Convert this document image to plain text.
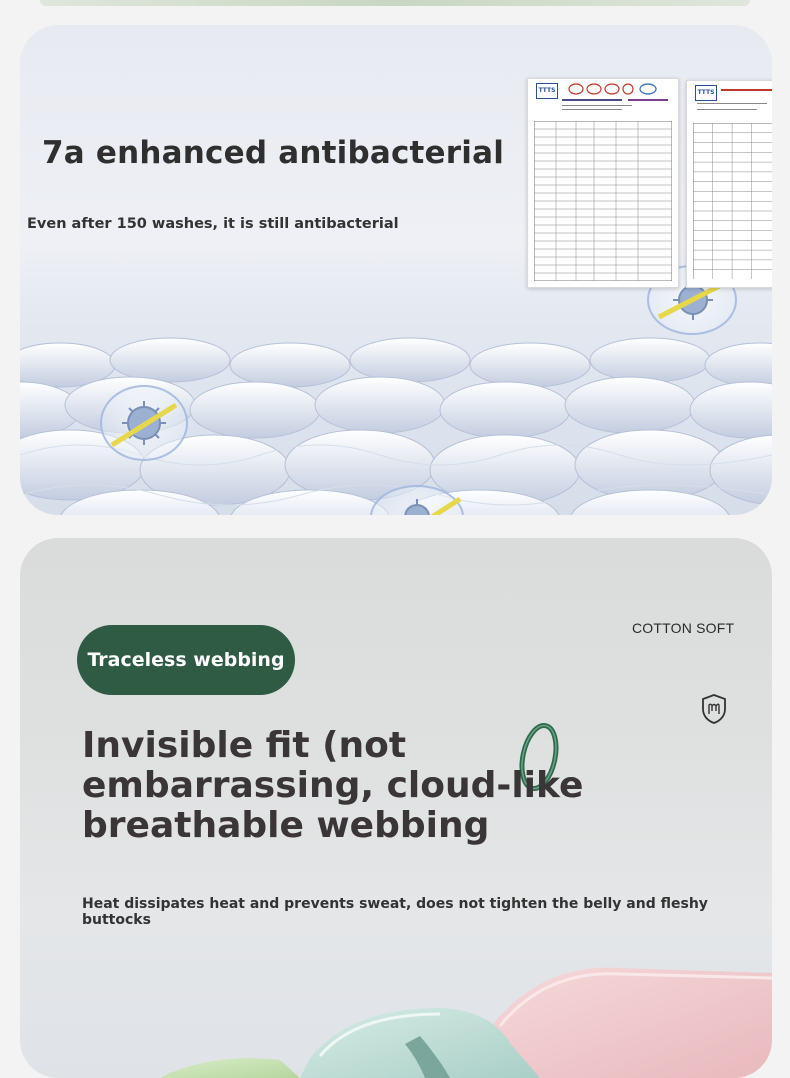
7a enhanced antibacterial

Even after 150 washes, it is still antibacterial

TTTS	TTTS
Traceless webbing
COTTON SOFT
Invisible fit (not embarrassing, cloud-like breathable webbing

Heat dissipates heat and prevents sweat, does not tighten the belly and fleshy buttocks
